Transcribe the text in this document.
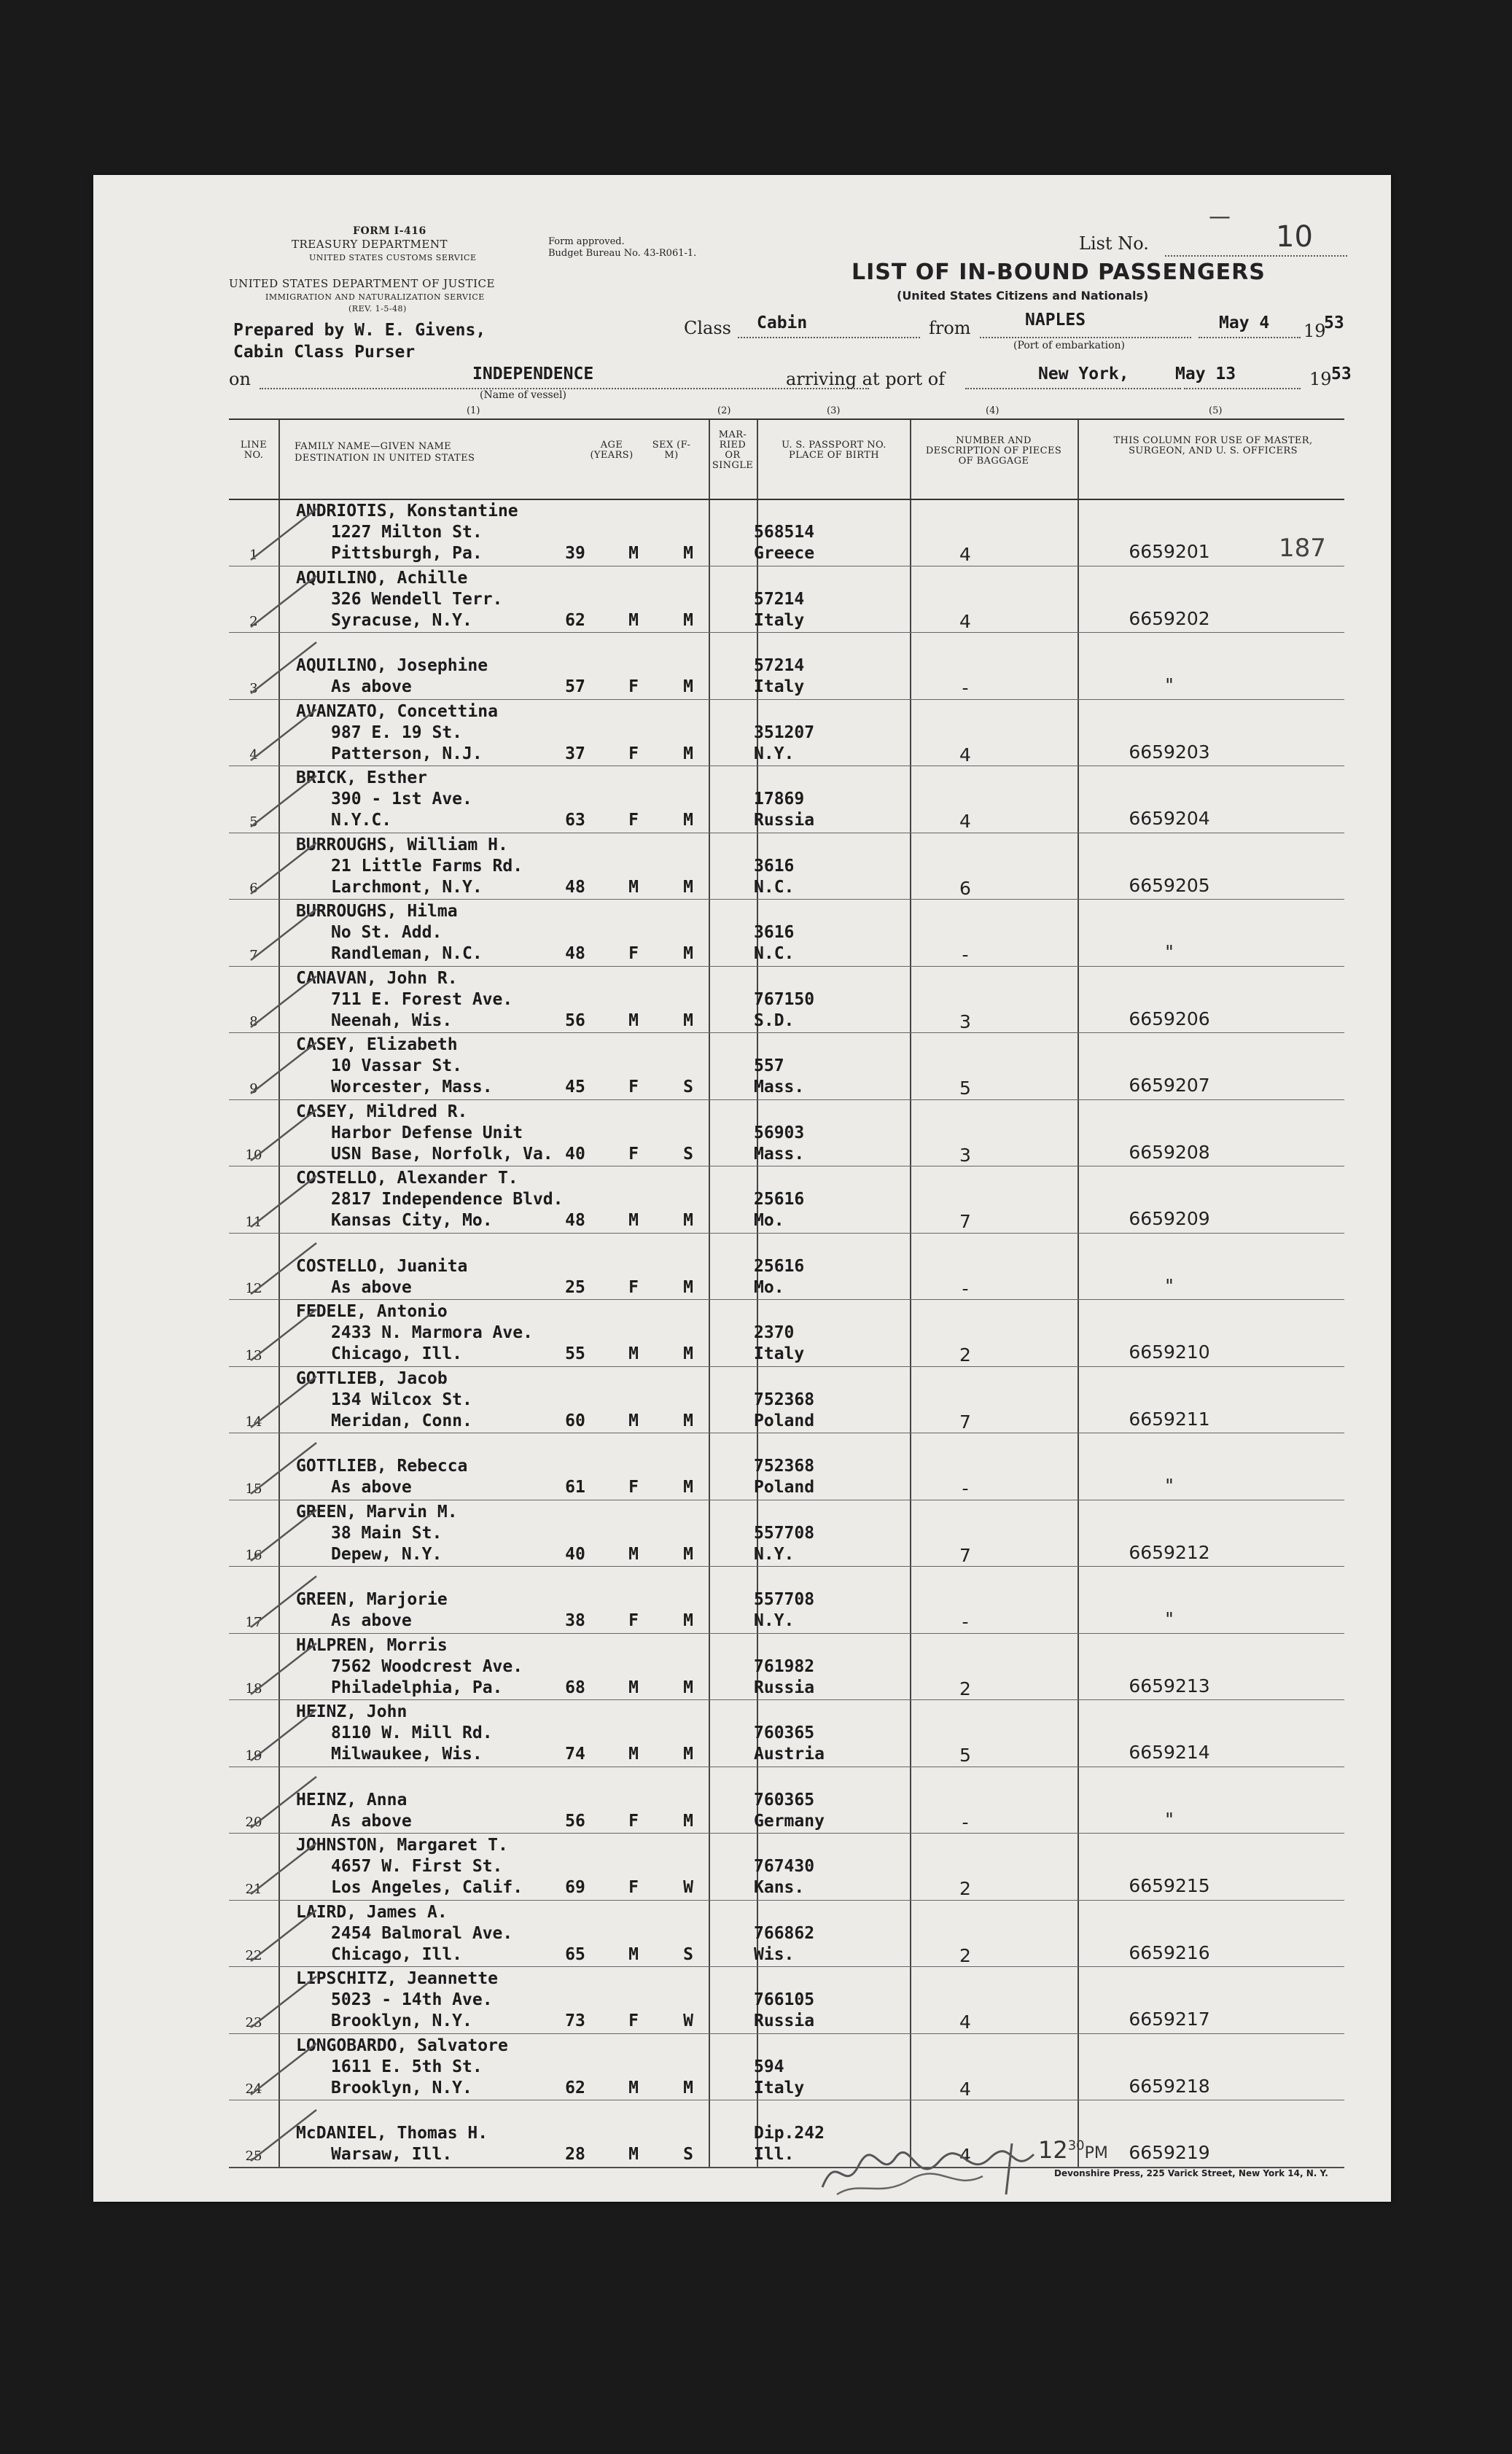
FORM I-416
TREASURY DEPARTMENT
UNITED STATES CUSTOMS SERVICE
UNITED STATES DEPARTMENT OF JUSTICE
IMMIGRATION AND NATURALIZATION SERVICE
(REV. 1-5-48)
Form approved.
Budget Bureau No. 43-R061-1.	List No.	10
—
LIST OF IN-BOUND PASSENGERS
(United States Citizens and Nationals)
Prepared by W. E. Givens,
Cabin Class Purser
Class Cabin	from	NAPLES
(Port of embarkation)
May 4 19
53
on	INDEPENDENCE
(Name of vessel)
arriving at port of	New York,	May 13	19 53
(1)	(2)	(3)	(4)	(5)
LINE NO.
FAMILY NAME—GIVEN NAME
DESTINATION IN UNITED STATES
AGE (YEARS)
SEX (F-M)
MAR- RIED OR SINGLE
U. S. PASSPORT NO. PLACE OF BIRTH
NUMBER AND DESCRIPTION OF PIECES OF BAGGAGE
THIS COLUMN FOR USE OF MASTER, SURGEON, AND U. S. OFFICERS
1
ANDRIOTIS, Konstantine
1227 Milton St.
Pittsburgh, Pa.	39	M	M
568514
Greece	4	6659201	187
2
AQUILINO, Achille
326 Wendell Terr.
Syracuse, N.Y.	62	M	M
57214
Italy	4	6659202
3
AQUILINO, Josephine
As above	57	F	M
57214
Italy	-	"
4
AVANZATO, Concettina
987 E. 19 St.
Patterson, N.J.	37	F	M
351207
N.Y.	4	6659203
5
BRICK, Esther
390 - 1st Ave.
N.Y.C.	63	F	M
17869
Russia	4	6659204
6
BURROUGHS, William H.
21 Little Farms Rd.
Larchmont, N.Y.	48	M	M
3616
N.C.	6	6659205
7
BURROUGHS, Hilma
No St. Add.
Randleman, N.C.	48	F	M
3616
N.C.	-	"
8
CANAVAN, John R.
711 E. Forest Ave.
Neenah, Wis.	56	M	M
767150
S.D.	3	6659206
9
CASEY, Elizabeth
10 Vassar St.
Worcester, Mass.	45	F	S
557
Mass.	5	6659207
10
CASEY, Mildred R.
Harbor Defense Unit
USN Base, Norfolk, Va. 40	F	S
56903
Mass.	3	6659208
11
COSTELLO, Alexander T.
2817 Independence Blvd.
Kansas City, Mo.	48	M	M
25616
Mo.	7	6659209
12
COSTELLO, Juanita
As above	25	F	M
25616
Mo.	-	"
13
FEDELE, Antonio
2433 N. Marmora Ave.
Chicago, Ill.	55	M	M
2370
Italy	2	6659210
14
GOTTLIEB, Jacob
134 Wilcox St.
Meridan, Conn.	60	M	M
752368
Poland	7	6659211
15
GOTTLIEB, Rebecca
As above	61	F	M
752368
Poland	-	"
16
GREEN, Marvin M.
38 Main St.
Depew, N.Y.	40	M	M
557708
N.Y.	7	6659212
17
GREEN, Marjorie
As above	38	F	M
557708
N.Y.	-	"
18
HALPREN, Morris
7562 Woodcrest Ave.
Philadelphia, Pa.	68	M	M
761982
Russia	2	6659213
19
HEINZ, John
8110 W. Mill Rd.
Milwaukee, Wis.	74	M	M
760365
Austria	5	6659214
20
HEINZ, Anna
As above	56	F	M
760365
Germany	-	"
21
JOHNSTON, Margaret T.
4657 W. First St.
Los Angeles, Calif.	69	F	W
767430
Kans.	2	6659215
22
LAIRD, James A.
2454 Balmoral Ave.
Chicago, Ill.	65	M	S
766862
Wis.	2	6659216
23
LIPSCHITZ, Jeannette
5023 - 14th Ave.
Brooklyn, N.Y.	73	F	W
766105
Russia	4	6659217
24
LONGOBARDO, Salvatore
1611 E. 5th St.
Brooklyn, N.Y.	62	M	M
594
Italy	4	6659218
25
McDANIEL, Thomas H.
Warsaw, Ill.	28	M	S
Dip.242
Ill.	4	6659219
Devonshire Press, 225 Varick Street, New York 14, N. Y.
$12^{30}PM$
